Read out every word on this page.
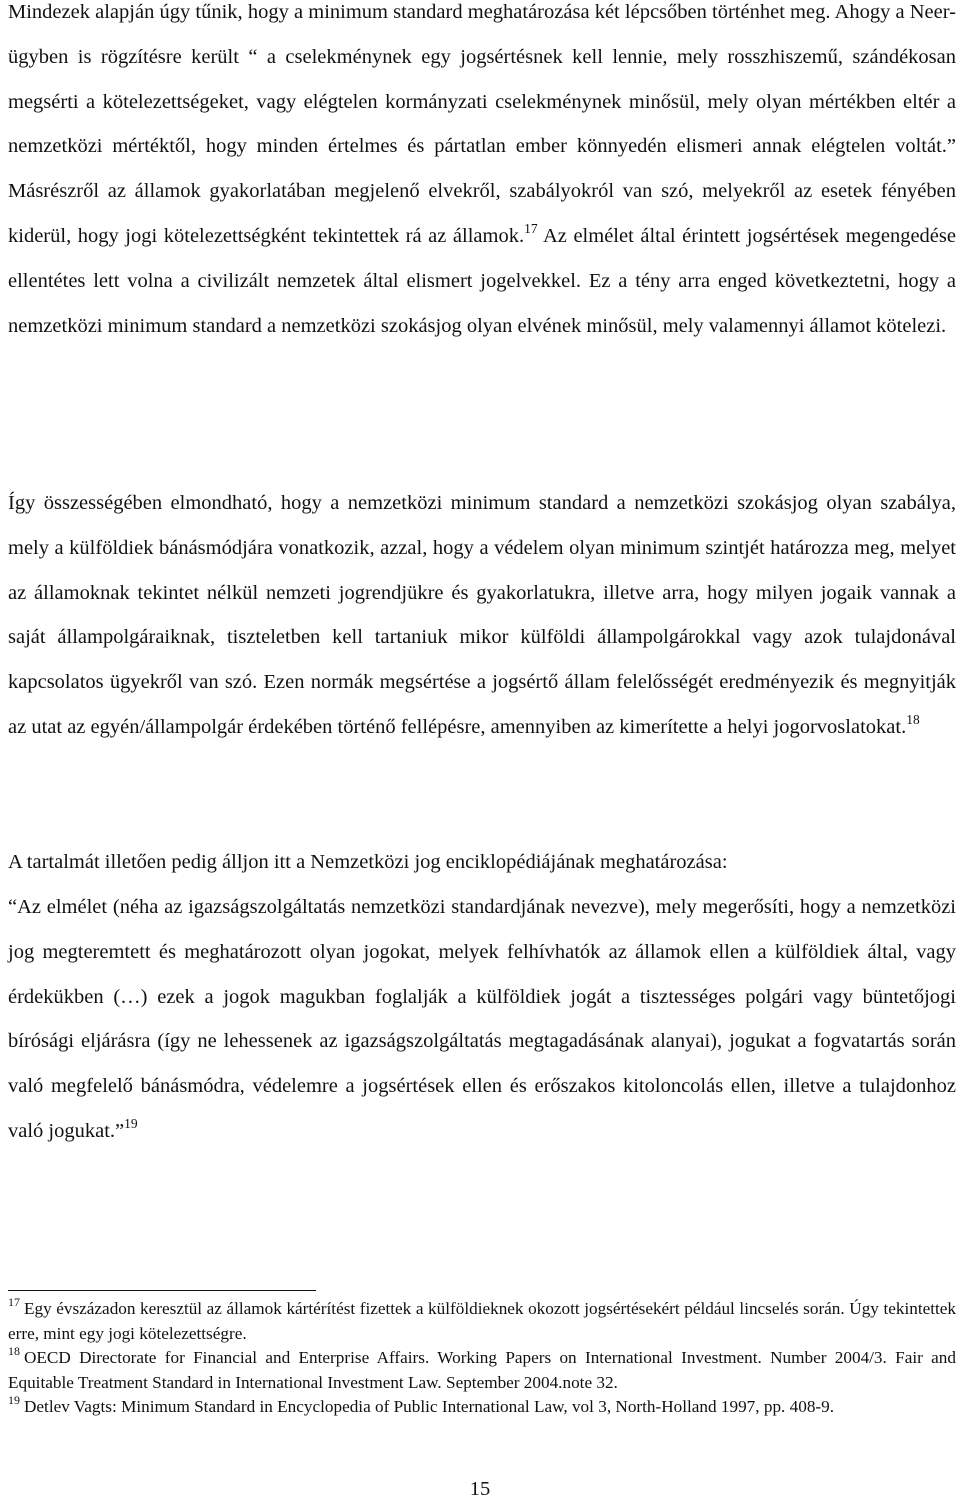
Mindezek alapján úgy tűnik, hogy a minimum standard meghatározása két lépcsőben történhet meg. Ahogy a Neer-ügyben is rögzítésre került “ a cselekménynek egy jogsértésnek kell lennie, mely rosszhiszemű, szándékosan megsérti a kötelezettségeket, vagy elégtelen kormányzati cselekménynek minősül, mely olyan mértékben eltér a nemzetközi mértéktől, hogy minden értelmes és pártatlan ember könnyedén elismeri annak elégtelen voltát.” Másrészről az államok gyakorlatában megjelenő elvekről, szabályokról van szó, melyekről az esetek fényében kiderül, hogy jogi kötelezettségként tekintettek rá az államok.$^{17}$ Az elmélet által érintett jogsértések megengedése ellentétes lett volna a civilizált nemzetek által elismert jogelvekkel. Ez a tény arra enged következtetni, hogy a nemzetközi minimum standard a nemzetközi szokásjog olyan elvének minősül, mely valamennyi államot kötelezi.

Így összességében elmondható, hogy a nemzetközi minimum standard a nemzetközi szokásjog olyan szabálya, mely a külföldiek bánásmódjára vonatkozik, azzal, hogy a védelem olyan minimum szintjét határozza meg, melyet az államoknak tekintet nélkül nemzeti jogrendjükre és gyakorlatukra, illetve arra, hogy milyen jogaik vannak a saját állampolgáraiknak, tiszteletben kell tartaniuk mikor külföldi állampolgárokkal vagy azok tulajdonával kapcsolatos ügyekről van szó. Ezen normák megsértése a jogsértő állam felelősségét eredményezik és megnyitják az utat az egyén/állampolgár érdekében történő fellépésre, amennyiben az kimerítette a helyi jogorvoslatokat.$^{18}$

A tartalmát illetően pedig álljon itt a Nemzetközi jog enciklopédiájának meghatározása:

“Az elmélet (néha az igazságszolgáltatás nemzetközi standardjának nevezve), mely megerősíti, hogy a nemzetközi jog megteremtett és meghatározott olyan jogokat, melyek felhívhatók az államok ellen a külföldiek által, vagy érdekükben (…) ezek a jogok magukban foglalják a külföldiek jogát a tisztességes polgári vagy büntetőjogi bírósági eljárásra (így ne lehessenek az igazságszolgáltatás megtagadásának alanyai), jogukat a fogvatartás során való megfelelő bánásmódra, védelemre a jogsértések ellen és erőszakos kitoloncolás ellen, illetve a tulajdonhoz való jogukat.”$^{19}$

$^{17}$ Egy évszázadon keresztül az államok kártérítést fizettek a külföldieknek okozott jogsértésekért például lincselés során. Úgy tekintettek erre, mint egy jogi kötelezettségre.

$^{18}$ OECD Directorate for Financial and Enterprise Affairs. Working Papers on International Investment. Number 2004/3. Fair and Equitable Treatment Standard in International Investment Law. September 2004.note 32.

$^{19}$ Detlev Vagts: Minimum Standard in Encyclopedia of Public International Law, vol 3, North-Holland 1997, pp. 408-9.

15
